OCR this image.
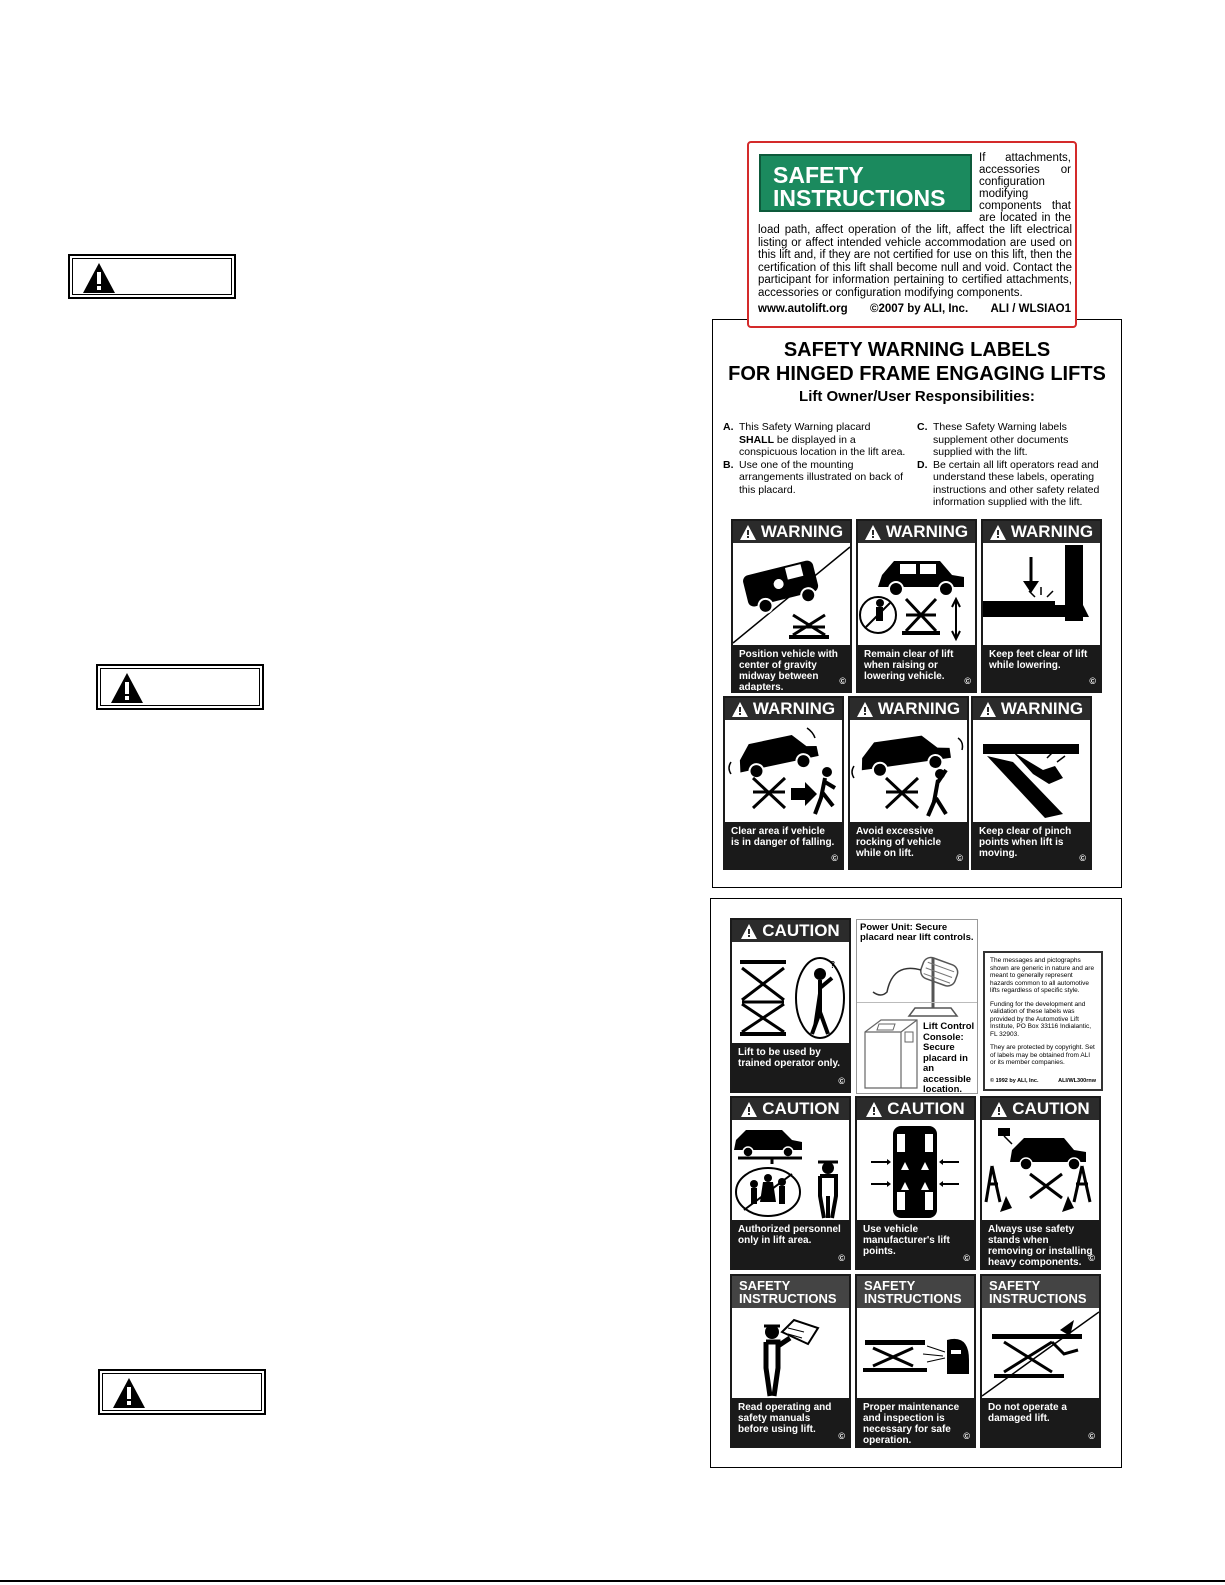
SAFETY WARNING LABELS
FOR HINGED FRAME ENGAGING LIFTS
Lift Owner/User Responsibilities:
A. This Safety Warning placard SHALL be displayed in a conspicuous location in the lift area.
B. Use one of the mounting arrangements illustrated on back of this placard.
C. These Safety Warning labels supplement other documents supplied with the lift.
D. Be certain all lift operators read and understand these labels, operating instructions and other safety related information supplied with the lift.
WARNING
Position vehicle with center of gravity midway between adapters.
©
WARNING
Remain clear of lift when raising or lowering vehicle. ©
WARNING
Keep feet clear of lift while lowering.
©
WARNING
Clear area if vehicle is in danger of falling.
©
WARNING
Avoid excessive rocking of vehicle while on lift.	©
WARNING
Keep clear of pinch points when lift is moving.	©
SAFETY
INSTRUCTIONS
If attachments, accessories or configuration modifying components that are located in the
load path, affect operation of the lift, affect the lift electrical listing or affect intended vehicle accommodation are used on this lift and, if they are not certified for use on this lift, then the certification of this lift shall become null and void. Contact the participant for information pertaining to certified attachments, accessories or configuration modifying components.
www.autolift.org ©2007 by ALI, Inc. ALI / WLSIAO1
CAUTION
?
Lift to be used by trained operator only.
©
Power Unit: Secure placard near lift controls.
Lift Control Console: Secure placard in an accessible location.

The messages and pictographs shown are generic in nature and are meant to generally represent hazards common to all automotive lifts regardless of specific style.

Funding for the development and validation of these labels was provided by the Automotive Lift Institute, PO Box 33116 Indialantic, FL 32903.

They are protected by copyright. Set of labels may be obtained from ALI or its member companies.

© 1992 by ALI, Inc.	ALI/WL300rnw
CAUTION
Authorized personnel only in lift area.
©
CAUTION
Use vehicle manufacturer's lift points.
©
CAUTION
Always use safety stands when removing or installing heavy components. ©
SAFETY
INSTRUCTIONS
Read operating and safety manuals before using lift.
©
SAFETY
INSTRUCTIONS
Proper maintenance and inspection is necessary for safe operation.	©
SAFETY
INSTRUCTIONS
Do not operate a damaged lift.
©
